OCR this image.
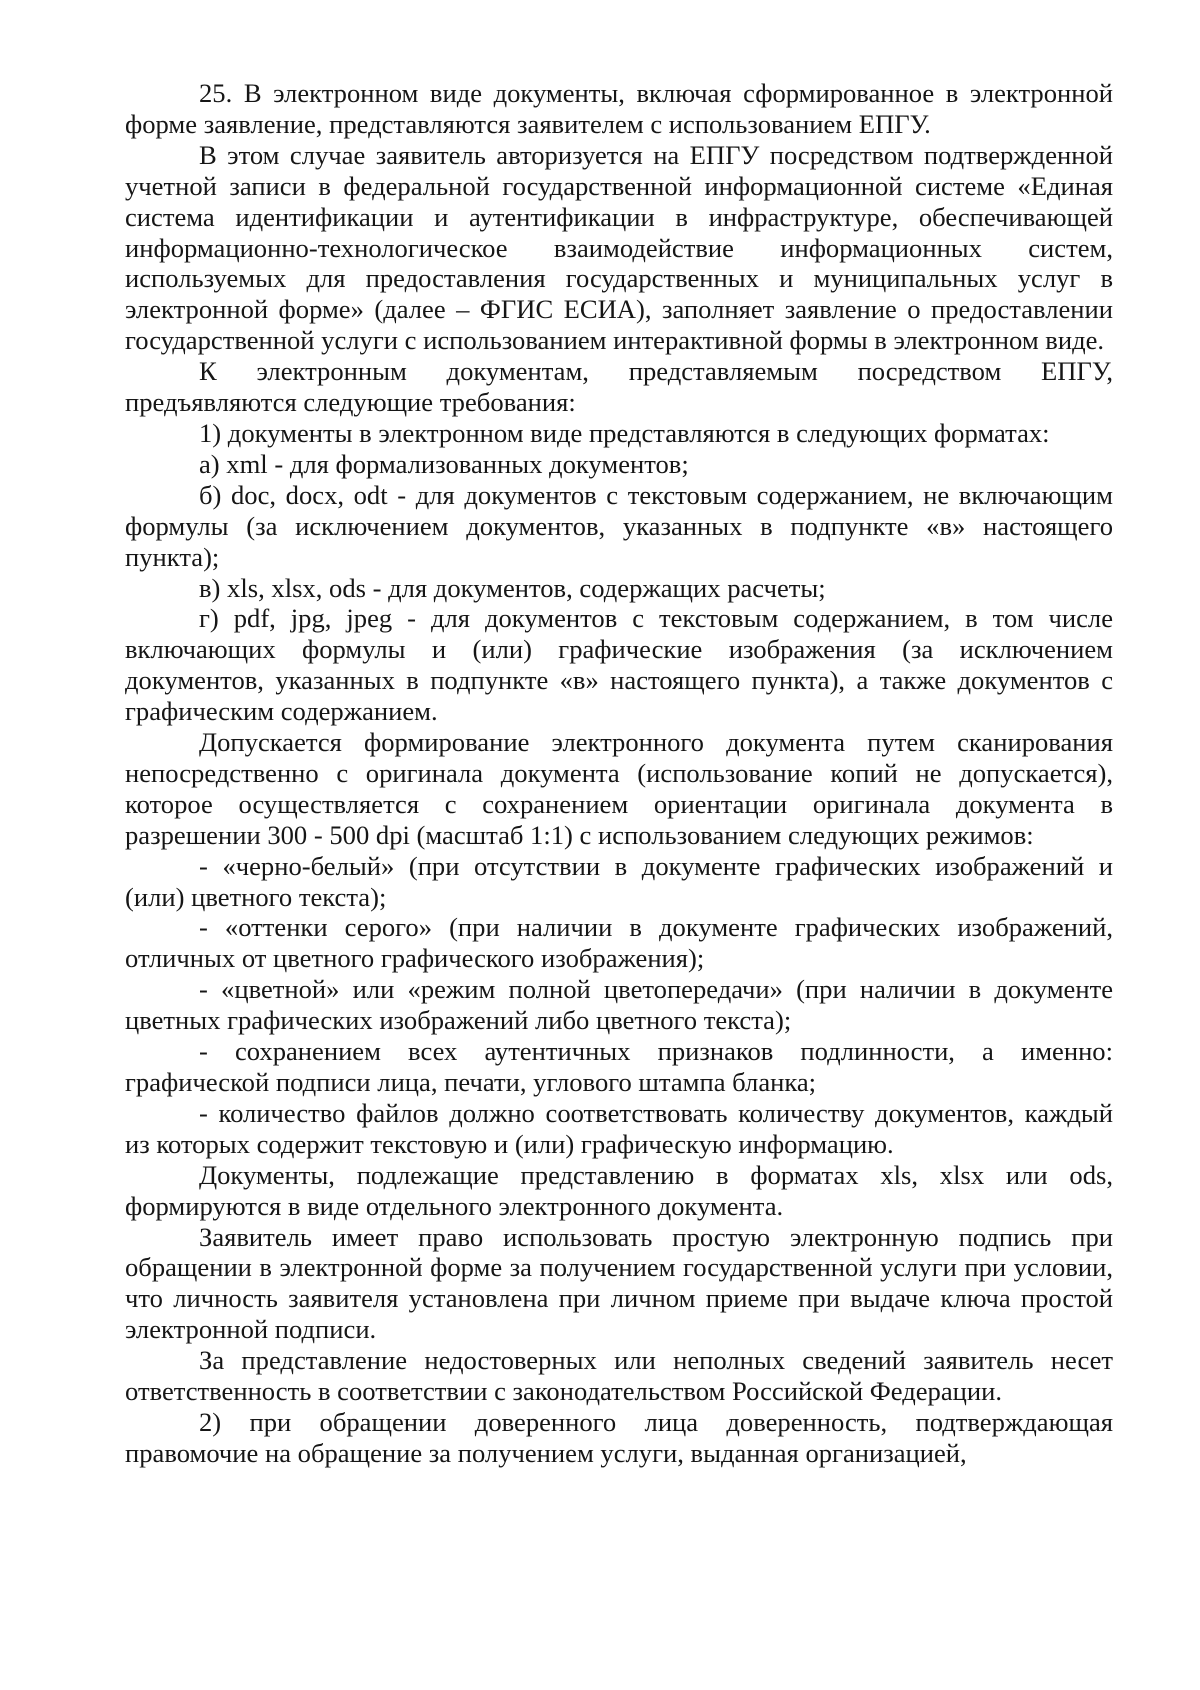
25. В электронном виде документы, включая сформированное в электронной форме заявление, представляются заявителем с использованием ЕПГУ.

В этом случае заявитель авторизуется на ЕПГУ посредством подтвержденной учетной записи в федеральной государственной информационной системе «Единая система идентификации и аутентификации в инфраструктуре, обеспечивающей информационно-технологическое взаимодействие информационных систем, используемых для предоставления государственных и муниципальных услуг в электронной форме» (далее – ФГИС ЕСИА), заполняет заявление о предоставлении государственной услуги с использованием интерактивной формы в электронном виде.

К электронным документам, представляемым посредством ЕПГУ, предъявляются следующие требования:

1) документы в электронном виде представляются в следующих форматах:

а) xml - для формализованных документов;

б) doc, docx, odt - для документов с текстовым содержанием, не включающим формулы (за исключением документов, указанных в подпункте «в» настоящего пункта);

в) xls, xlsx, ods - для документов, содержащих расчеты;

г) pdf, jpg, jpeg - для документов с текстовым содержанием, в том числе включающих формулы и (или) графические изображения (за исключением документов, указанных в подпункте «в» настоящего пункта), а также документов с графическим содержанием.

Допускается формирование электронного документа путем сканирования непосредственно с оригинала документа (использование копий не допускается), которое осуществляется с сохранением ориентации оригинала документа в разрешении 300 - 500 dpi (масштаб 1:1) с использованием следующих режимов:

- «черно-белый» (при отсутствии в документе графических изображений и (или) цветного текста);

- «оттенки серого» (при наличии в документе графических изображений, отличных от цветного графического изображения);

- «цветной» или «режим полной цветопередачи» (при наличии в документе цветных графических изображений либо цветного текста);

- сохранением всех аутентичных признаков подлинности, а именно: графической подписи лица, печати, углового штампа бланка;

- количество файлов должно соответствовать количеству документов, каждый из которых содержит текстовую и (или) графическую информацию.

Документы, подлежащие представлению в форматах xls, xlsx или ods, формируются в виде отдельного электронного документа.

Заявитель имеет право использовать простую электронную подпись при обращении в электронной форме за получением государственной услуги при условии, что личность заявителя установлена при личном приеме при выдаче ключа простой электронной подписи.

За представление недостоверных или неполных сведений заявитель несет ответственность в соответствии с законодательством Российской Федерации.

2) при обращении доверенного лица доверенность, подтверждающая правомочие на обращение за получением услуги, выданная организацией,
